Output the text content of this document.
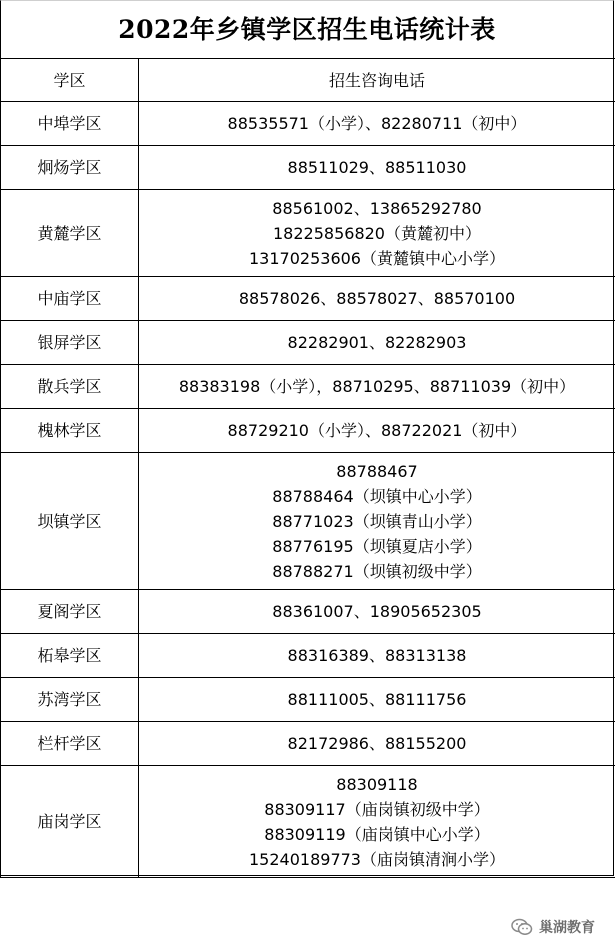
2022年乡镇学区招生电话统计表
学区	招生咨询电话
中埠学区	88535571（小学）、82280711（初中）

炯炀学区	88511029、88511030

黄麓学区	88561002、13865292780
18225856820（黄麓初中）
13170253606（黄麓镇中心小学）

中庙学区	88578026、88578027、88570100

银屏学区	82282901、82282903

散兵学区	88383198（小学），88710295、88711039（初中）

槐林学区	88729210（小学）、88722021（初中）

坝镇学区	88788467
88788464（坝镇中心小学）
88771023（坝镇青山小学）
88776195（坝镇夏店小学）
88788271（坝镇初级中学）

夏阁学区	88361007、18905652305

柘皋学区	88316389、88313138

苏湾学区	88111005、88111756

栏杆学区	82172986、88155200

庙岗学区	88309118
88309117（庙岗镇初级中学）
88309119（庙岗镇中心小学）
15240189773（庙岗镇清涧小学）
巢湖教育
